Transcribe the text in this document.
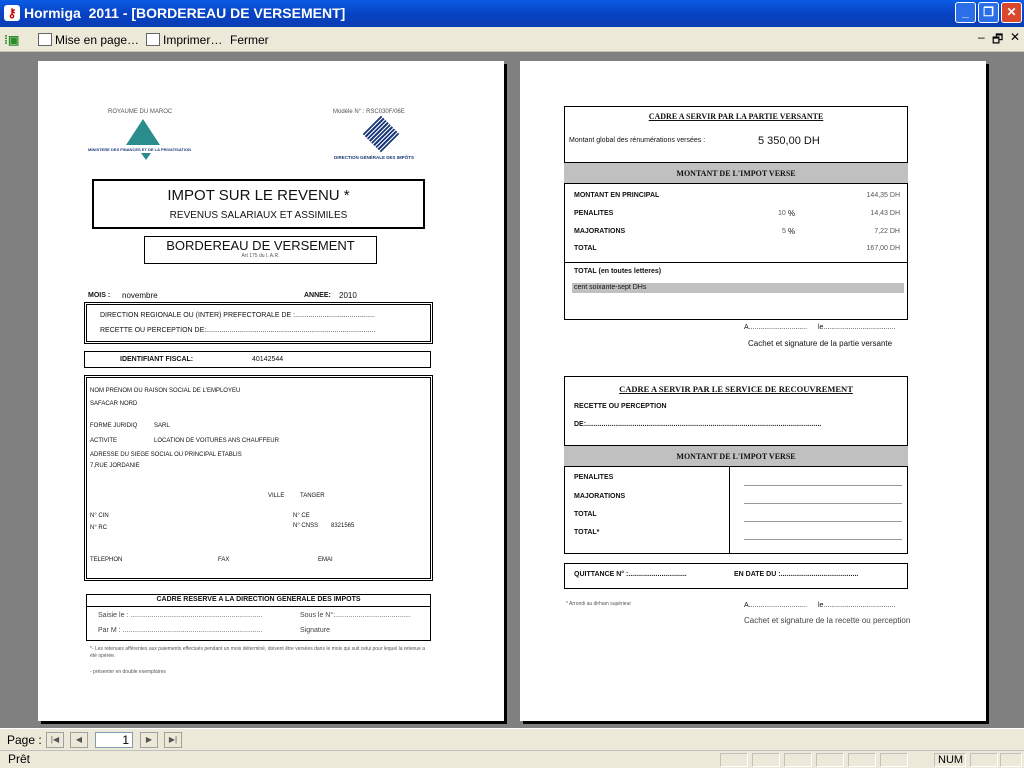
⚷ Hormiga  2011 - [BORDEREAU DE VERSEMENT]	_	❐	✕
⁞▣	Mise en page…	Imprimer… Fermer	– 🗗 ✕
ROYAUME DU MAROC
MINISTERE DES FINANCES ET DE LA PRIVATISATION
Modèle N° : RSC030F/06E
DIRECTION GÉNÉRALE DES IMPÔTS
IMPOT SUR LE REVENU *
REVENUS SALARIAUX ET ASSIMILES
BORDEREAU DE VERSEMENT
Art 175 du I. A.R.
MOIS : novembre	ANNEE: 2010
DIRECTION REGIONALE OU (INTER) PREFECTORALE DE :.........................................
RECETTE OU PERCEPTION DE:.......................................................................................
IDENTIFIANT FISCAL:	40142544
NOM PRENOM OU RAISON SOCIAL DE L'EMPLOYEU
SAFACAR NORD
FORME JURIDIQ	SARL
ACTIVITE	LOCATION DE VOITURES ANS CHAUFFEUR
ADRESSE DU SIEGE SOCIAL OU PRINCIPAL ETABLIS
7,RUE JORDANIE
VILLE	TANGER
N° CIN	N° CE
N° RC	N° CNSS 8321565
TELEPHON	FAX	EMAI
CADRE RESERVE A LA DIRECTION GENERALE DES IMPOTS
Saisie le : ....................................................................	Sous le N°:.......................................
Par M : ........................................................................	Signature
*- Les retenues afférentes aux paiements effectués pendant un mois déterminé, doivent être versées dans le mois qui suit celui pour lequel la retenue a été opérée.
- présenter en double exemplaires
CADRE A SERVIR PAR LA PARTIE VERSANTE
Montant global des rénumérations versées :	5 350,00 DH
MONTANT DE L'IMPOT VERSE
MONTANT EN PRINCIPAL	144,35 DH
PENALITES	10 %	14,43 DH
MAJORATIONS	5 %	7,22 DH
TOTAL	167,00 DH
TOTAL (en toutes letteres)
cent soixante-sept DHs
A.............................. le.....................................
Cachet et signature de la partie versante
CADRE A SERVIR PAR LE SERVICE DE RECOUVREMENT
RECETTE OU PERCEPTION
DE:.........................................................................................................................
MONTANT DE L'IMPOT VERSE
PENALITES
MAJORATIONS
TOTAL
TOTAL*
QUITTANCE N° :..............................	EN DATE DU :........................................
* Arrondi au dirham supérieur	A.............................. le.....................................
Cachet et signature de la recette ou perception
Page :	|◀	◀	1	▶	▶|
Prêt	NUM
